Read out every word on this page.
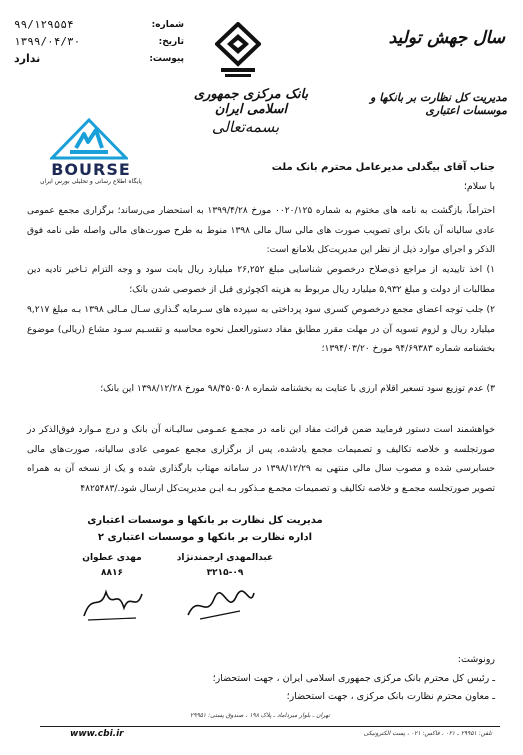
شماره:
۹۹/۱۲۹۵۵۴
تاریخ:
۱۳۹۹/۰۴/۳۰
پیوست:
ندارد
بانک مرکزی جمهوری اسلامی ایران
بسمه‌تعالی
سال جهش تولید
مدیریت کل نظارت بر بانکها و موسسات اعتباری
BOURSE
پایگاه اطلاع رسانی و تحلیلی بورس ایران
جناب آقای بیگدلی مدیرعامل محترم بانک ملت
با سلام؛
احتراماً، بازگشت به نامه های مختوم به شماره ۰۰۲۰/۱۲۵ مورخ ۱۳۹۹/۴/۲۸ به استحضار می‌رساند؛ برگزاری مجمع عمومی عادی سالیانه آن بانک برای تصویب صورت های مالی سال مالی ۱۳۹۸ منوط به طرح صورت‌های مالی واصله طی نامه فوق الذکر و اجرای موارد ذیل از نظر این مدیریت‌کل بلامانع است:
۱) اخذ تاییدیه از مراجع ذی‌صلاح درخصوص شناسایی مبلغ ۲۶,۲۵۲ میلیارد ریال بابت سود و وجه التزام تـاخیر تادیه دین مطالبات از دولت و مبلغ ۵,۹۳۲ میلیارد ریال مربوط به هزینه اکچوئری قبل از خصوصی شدن بانک؛
۲) جلب توجه اعضای مجمع درخصوص کسری سود پرداختی به سپرده های سـرمایه گـذاری سـال مـالی ۱۳۹۸ بـه مبلغ ۹,۲۱۷ میلیارد ریال و لزوم تسویه آن در مهلت مقرر مطابق مفاد دستورالعمل نحوه محاسبه و تقسـیم سـود مشاع (ریالی) موضوع بخشنامه شماره ۹۴/۶۹۳۸۳ مورخ ۱۳۹۴/۰۳/۲۰؛
۳) عدم توزیع سود تسعیر اقلام ارزی با عنایت به بخشنامه شماره ۹۸/۴۵۰۵۰۸ مورخ ۱۳۹۸/۱۲/۲۸ این بانک؛
خواهشمند است دستور فرمایید ضمن قرائت مفاد این نامه در مجمـع عمـومی سالیـانه آن بانک و درج مـوارد فوق‌الذکر در صورتجلسه و خلاصه تکالیف و تصمیمات مجمع یادشده، پس از برگزاری مجمع عمومی عادی سالیانه، صورت‌های مالی حسابرسی شده و مصوب سال مالی منتهی به ۱۳۹۸/۱۲/۲۹ در سامانه مهتاب بارگذاری شده و یک از نسخه آن به همراه تصویر صورتجلسه مجمـع و خلاصه تکالیف و تصمیمات مجمـع مـذکور بـه ایـن مدیریت‌کل ارسال شود./۴۸۲۵۴۸۳
مدیریت کل نظارت بر بانکها و موسسات اعتباری
اداره نظارت بر بانکها و موسسات اعتباری ۲
عبدالمهدی ارجمندنژاد
۳۲۱۵-۰۹
مهدی عطوان
۸۸۱۶
رونوشت:
ـ رئیس کل محترم بانک مرکزی جمهوری اسلامی ایران ، جهت استحضار؛
ـ معاون محترم نظارت بانک مرکزی ، جهت استحضار؛
تهران ـ بلوار میرداماد ـ پلاک ۱۹۸ ، صندوق پستی: ۲۹۹۵۱
www.cbi.ir	تلفن: ۲۹۹۵۱ ـ ۰۲۱ ، فاکس: ۰۲۱ ، پست الکترونیکی
